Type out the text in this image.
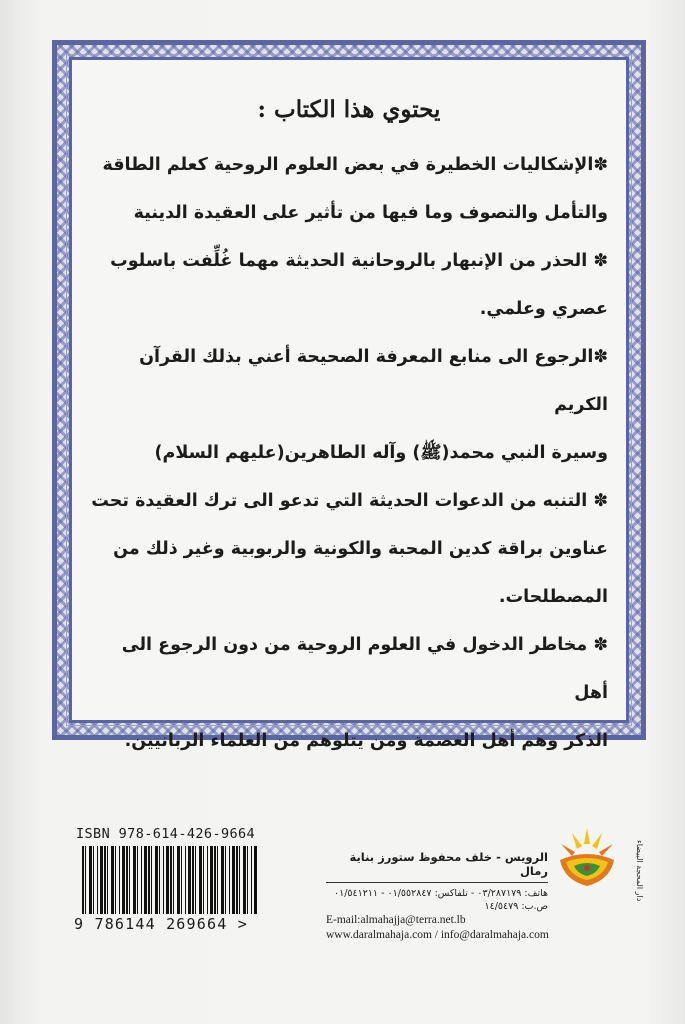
يحتوي هذا الكتاب :

✽الإشكاليات الخطيرة في بعض العلوم الروحية كعلم الطاقة

والتأمل والتصوف وما فيها من تأثير على العقيدة الدينية

✽ الحذر من الإنبهار بالروحانية الحديثة مهما غُلِّفت باسلوب

عصري وعلمي.

✽الرجوع الى منابع المعرفة الصحيحة أعني بذلك القرآن الكريم

وسيرة النبي محمد(ﷺ) وآله الطاهرين(عليهم السلام)

✽ التنبه من الدعوات الحديثة التي تدعو الى ترك العقيدة تحت

عناوين براقة كدين المحبة والكونية والربوبية وغير ذلك من

المصطلحات.

✽ مخاطر الدخول في العلوم الروحية من دون الرجوع الى أهل

الذكر وهم أهل العصمة ومن يتلوهم من العلماء الربانيين.

ISBN 978-614-426-9664
9 786144 269664 >
الرويس - خلف محفوظ ستورز بناية رمال
هاتف: ٠٣/٢٨٧١٧٩ - تلفاكس: ٠١/٥٥٢٨٤٧ - ٠١/٥٤١٢١١
ص.ب: ١٤/٥٤٧٩
E-mail:almahajja@terra.net.lb
www.daralmahaja.com / info@daralmahaja.com
دار المحجة البيضاء
